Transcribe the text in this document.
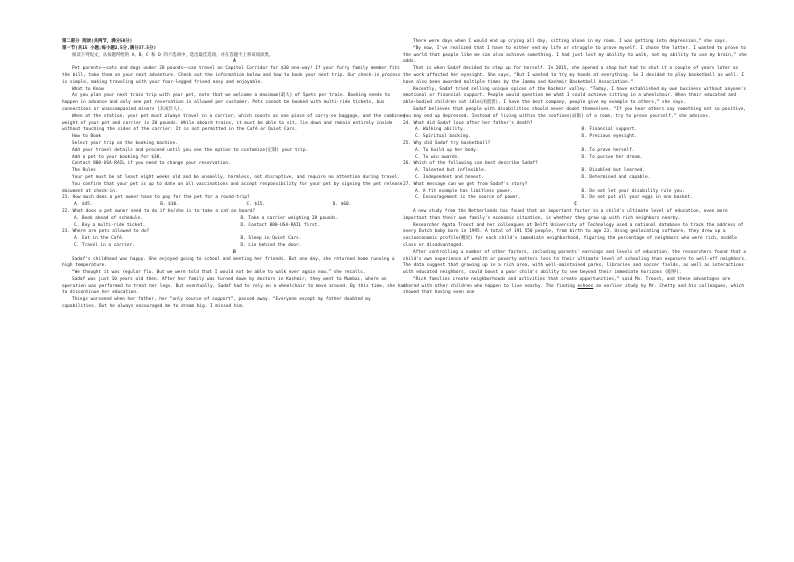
第二部分 阅读(共两节，满分50分)

第一节(共15 小题;每小题2.5分,满分37.5分)

阅读下列短文，从每题所给的 A、B、C 和 D 四个选项中，选出最佳选项，并在答题卡上将该项涂黑。

A

Pet parents——cats and dogs under 20 pounds——can travel on Capitol Corridor for $30 one-way! If your furry family member fits the bill, take them on your next adventure. Check out the information below and how to book your next trip. Our check-in process is simple, making traveling with your four-legged friend easy and enjoyable.

What to Know

As you plan your next train trip with your pet, note that we welcome a maximum(最大) of 5pets per train. Booking needs to happen in advance and only one pet reservation is allowed per customer. Pets cannot be booked with multi-ride tickets, bus connections or unaccompanied minors (未成年人).

When at the station, your pet must always travel in a carrier, which counts as one piece of carry-on baggage, and the combined weight of your pet and carrier is 20 pounds. While aboard trains, it must be able to sit, lie down and remain entirely inside without touching the sides of the carrier. It is not permitted in the Café or Quiet Cars.

How to Book

Select your trip on the booking machine.

Add your travel details and proceed until you see the option to customize(定制) your trip.

Add a pet to your booking for $30.

Contact 800-USA-RAIL if you need to change your reservation.

The Rules

Your pet must be at least eight weeks old and be unsmelly, harmless, not disruptive, and require no attention during travel.

You confirm that your pet is up to date on all vaccinations and accept responsibility for your pet by signing the pet release document at check-in.

21. How much does a pet owner have to pay for the pet for a round-trip?

A. $45.	B. $30.	C. $15.	D. $60.

22. What does a pet owner need to do if he/she is to take a cat on board?

A. Book ahead of schedule.	B. Take a carrier weighing 20 pounds.
C. Buy a multi-ride ticket.	D. Contact 800-USA-RAIL first.

23. Where are pets allowed to do?

A. Eat in the Café.	B. Sleep in Quiet Cars.
C. Travel in a carrier.	D. Lie behind the door.

B

Sadaf's childhood was happy. She enjoyed going to school and meeting her friends. But one day, she returned home running a high temperature.

“We thought it was regular flu. But we were told that I would not be able to walk ever again now,” she recalls.

Sadaf was just 10 years old then. After her family was turned down by doctors in Kashmir, they went to Mumbai, where an operation was performed to treat her legs. But eventually, Sadaf had to rely on a wheelchair to move around. By this time, she had to discontinue her education.

Things worsened when her father, her “only source of support”, passed away. “Everyone except my father doubted my capabilities. But he always encouraged me to dream big. I missed him.

There were days when I would end up crying all day, sitting alone in my room. I was getting into depression,” she says.

“By now, I've realized that I have to either end my life or struggle to prove myself. I chose the latter. I wanted to prove to the world that people like me can also achieve something. I had just lost my ability to walk, not my ability to use my brain,” she adds.

That is when Sadaf decided to step up for herself. In 2015, she opened a shop but had to shut it a couple of years later as the work affected her eyesight. She says, “But I wanted to try my hands at everything. So I decided to play basketball as well. I have also been awarded multiple times by the Jammu and Kashmir Basketball Association.”

Recently, Sadaf tried selling unique spices of the Kashmir valley. “Today, I have established my own business without anyone's emotional or financial support. People would question me what I could achieve sitting in a wheelchair. When their educated and able-bodied children sat idle(闲置着), I have the best company, people give my example to others,” she says.

Sadaf believes that people with disabilities should never doubt themselves. “If you hear others say something not so positive, you may end up depressed. Instead of living within the confines(局限) of a room, try to prove yourself,” she advises.

24. What did Sadaf lose after her father's death?

A. Walking ability.	B. Financial support.
C. Spiritual backing.	D. Precious eyesight.

25. Why did Sadaf try basketball?

A. To build up her body.	B. To prove herself.
C. To win awards.	D. To pursue her dream.

26. Which of the following can best describe Sadaf?

A. Talented but inflexible.	B. Disabled but learned.
C. Independent and honest.	D. Determined and capable.

27. What message can we get from Sadaf's story?

A. A fit example has limitless power.	B. Do not let your disability rule you.
C. Encouragement is the source of power.	D. Do not put all your eggs in one basket.

C

A new study from the Netherlands has found that an important factor in a child's ultimate level of education, even more important than their own family's economic situation, is whether they grow up with rich neighbors nearby.

Researcher Agata Troost and her colleagues at Delft University of Technology used a national database to track the address of every Dutch baby born in 1995. A total of 191 550 people, from birth to age 23. Using geolocating software, they drew up a socioeconomic profile(概况) for each child's immediate neighborhood, figuring the percentage of neighbors who were rich, middle class or disadvantaged.

After controlling a number of other factors, including parents' earnings and levels of education, the researchers found that a child's own experience of wealth or poverty matters less to their ultimate level of schooling than exposure to well-off neighbors. The data suggest that growing up in a rich area, with well-maintained parks, libraries and soccer fields, as well as interactions with educated neighbors, could boost a poor child's ability to see beyond their immediate horizons (眼界).

“Rich families create neighborhoods and activities that create opportunities,” said Ms. Troost, and these advantages are shared with other children who happen to live nearby. The finding echoes an earlier study by Mr. Chetty and his colleagues, which showed that having even one
